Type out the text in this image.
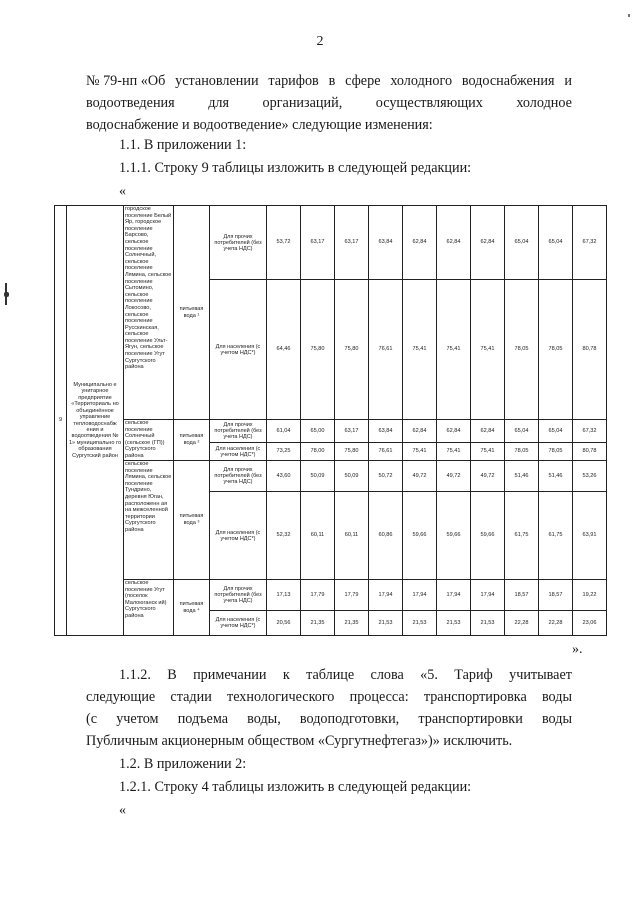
2
№ 79-нп «Об установлении тарифов в сфере холодного водоснабжения и
водоотведения для организаций, осуществляющих холодное
водоснабжение и водоотведение» следующие изменения:
1.1. В приложении 1:
1.1.1. Строку 9 таблицы изложить в следующей редакции:
«
9	Муниципально е унитарное предприятие «Территориаль но объединённое управление тепловодоснабж ения и водоотведения № 1» муниципально го образования Сургутский район	городское поселение Белый Яр, городское поселение Барсово, сельское поселение Солнечный, сельское поселение Лямина, сельское поселение Сытомино, сельское поселение Локосово, сельское поселение Русскинская, сельское поселение Ульт-Ягун, сельское поселение Угут Сургутского района	питьевая вода ¹	Для прочих потребителей (без учета НДС)	53,72	63,17	63,17	63,84	62,84	62,84	62,84	65,04	65,04	67,32
				Для населения (с учетом НДС*)	64,46	75,80	75,80	76,61	75,41	75,41	75,41	78,05	78,05	80,78
		сельское поселение Солнечный (сельское (ГП)) Сургутского района	питьевая вода ²	Для прочих потребителей (без учета НДС)	61,04	65,00	63,17	63,84	62,84	62,84	62,84	65,04	65,04	67,32
				Для населения (с учетом НДС*)	73,25	78,00	75,80	76,61	75,41	75,41	75,41	78,05	78,05	80,78
		сельское поселение Лямина, сельское поселение Тундрино, деревня Юган, расположенн ая на межселенной территории Сургутского района	питьевая вода ³	Для прочих потребителей (без учета НДС)	43,60	50,09	50,09	50,72	49,72	49,72	49,72	51,46	51,46	53,26
				Для населения (с учетом НДС*)	52,32	60,11	60,11	60,86	59,66	59,66	59,66	61,75	61,75	63,91
		сельское поселение Угут (поселок Малоюганск ий) Сургутского района	питьевая вода ⁴	Для прочих потребителей (без учета НДС)	17,13	17,79	17,79	17,94	17,94	17,94	17,94	18,57	18,57	19,22
				Для населения (с учетом НДС*)	20,56	21,35	21,35	21,53	21,53	21,53	21,53	22,28	22,28	23,06
».
1.1.2. В примечании к таблице слова «5. Тариф учитывает
следующие стадии технологического процесса: транспортировка воды
(с учетом подъема воды, водоподготовки, транспортировки воды
Публичным акционерным обществом «Сургутнефтегаз»)» исключить.
1.2. В приложении 2:
1.2.1. Строку 4 таблицы изложить в следующей редакции:
«
